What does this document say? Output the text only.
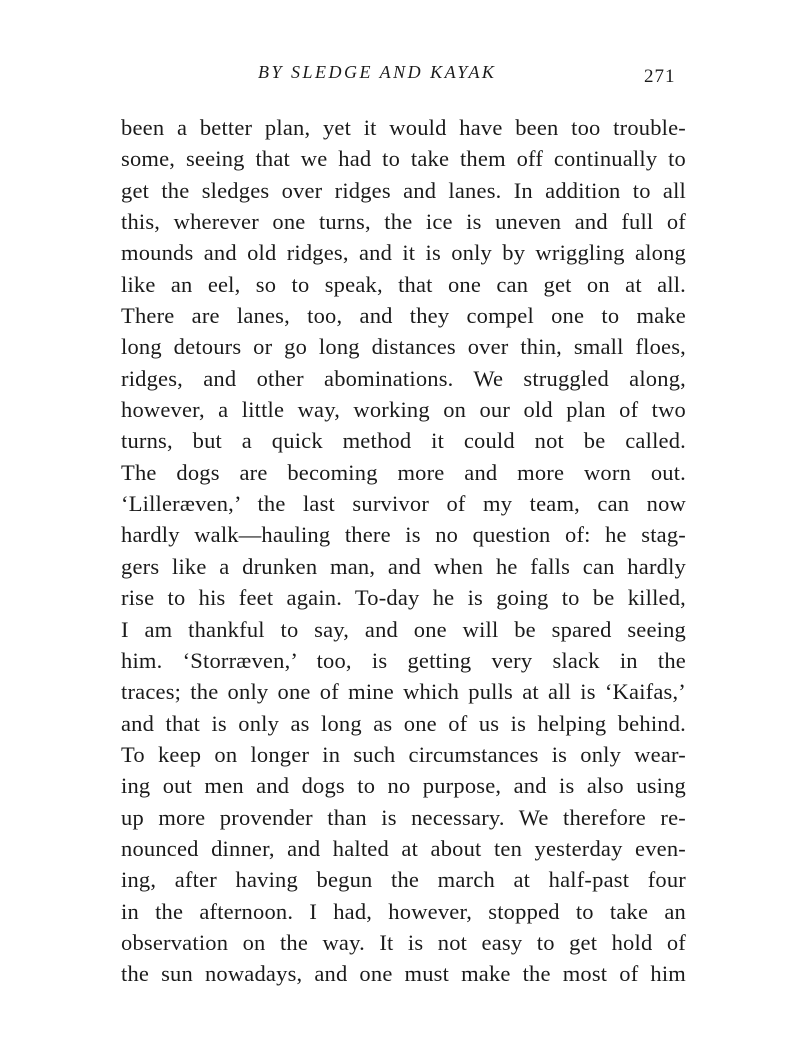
BY SLEDGE AND KAYAK	271
been a better plan, yet it would have been too trouble-
some, seeing that we had to take them off continually to
get the sledges over ridges and lanes. In addition to all
this, wherever one turns, the ice is uneven and full of
mounds and old ridges, and it is only by wriggling along
like an eel, so to speak, that one can get on at all.
There are lanes, too, and they compel one to make
long detours or go long distances over thin, small floes,
ridges, and other abominations. We struggled along,
however, a little way, working on our old plan of two
turns, but a quick method it could not be called.
The dogs are becoming more and more worn out.
‘Lilleræven,’ the last survivor of my team, can now
hardly walk—hauling there is no question of: he stag-
gers like a drunken man, and when he falls can hardly
rise to his feet again. To-day he is going to be killed,
I am thankful to say, and one will be spared seeing
him. ‘Storræven,’ too, is getting very slack in the
traces; the only one of mine which pulls at all is ‘Kaifas,’
and that is only as long as one of us is helping behind.
To keep on longer in such circumstances is only wear-
ing out men and dogs to no purpose, and is also using
up more provender than is necessary. We therefore re-
nounced dinner, and halted at about ten yesterday even-
ing, after having begun the march at half-past four
in the afternoon. I had, however, stopped to take an
observation on the way. It is not easy to get hold of
the sun nowadays, and one must make the most of him
